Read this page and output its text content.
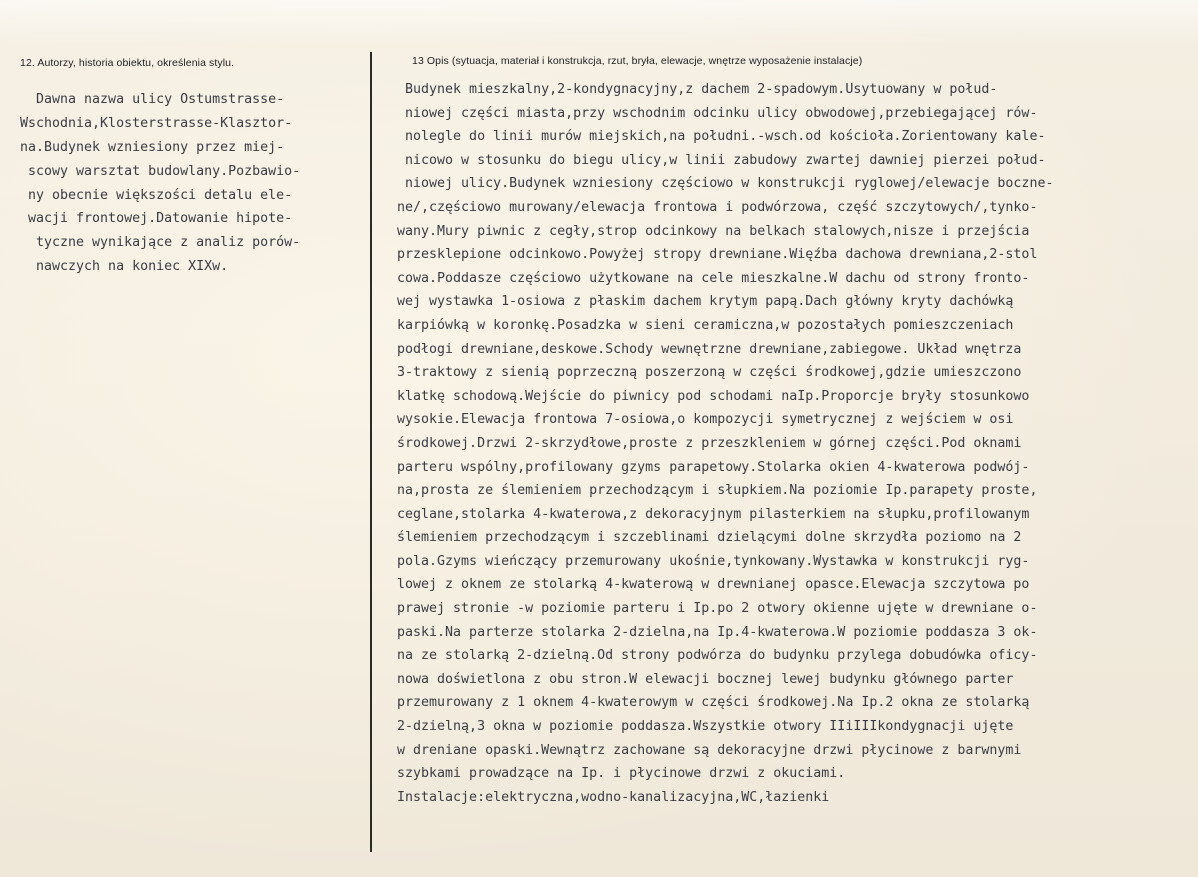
12. Autorzy, historia obiektu, określenia stylu.	13 Opis (sytuacja, materiał i konstrukcja, rzut, bryła, elewacje, wnętrze wyposażenie instalacje)
Dawna nazwa ulicy Ostumstrasse-
Wschodnia,Klosterstrasse-Klasztor-
na.Budynek wzniesiony przez miej-
scowy warsztat budowlany.Pozbawio-
ny obecnie większości detalu ele-
wacji frontowej.Datowanie hipote-
tyczne wynikające z analiz porów-
nawczych na koniec XIXw.
Budynek mieszkalny,2-kondygnacyjny,z dachem 2-spadowym.Usytuowany w połud-
niowej części miasta,przy wschodnim odcinku ulicy obwodowej,przebiegającej rów-
nolegle do linii murów miejskich,na południ.-wsch.od kościoła.Zorientowany kale-
nicowo w stosunku do biegu ulicy,w linii zabudowy zwartej dawniej pierzei połud-
niowej ulicy.Budynek wzniesiony częściowo w konstrukcji ryglowej/elewacje boczne-
ne/,częściowo murowany/elewacja frontowa i podwórzowa, część szczytowych/,tynko-
wany.Mury piwnic z cegły,strop odcinkowy na belkach stalowych,nisze i przejścia
przesklepione odcinkowo.Powyżej stropy drewniane.Więźba dachowa drewniana,2-stol
cowa.Poddasze częściowo użytkowane na cele mieszkalne.W dachu od strony fronto-
wej wystawka 1-osiowa z płaskim dachem krytym papą.Dach główny kryty dachówką
karpiówką w koronkę.Posadzka w sieni ceramiczna,w pozostałych pomieszczeniach
podłogi drewniane,deskowe.Schody wewnętrzne drewniane,zabiegowe. Układ wnętrza
3-traktowy z sienią poprzeczną poszerzoną w części środkowej,gdzie umieszczono
klatkę schodową.Wejście do piwnicy pod schodami naIp.Proporcje bryły stosunkowo
wysokie.Elewacja frontowa 7-osiowa,o kompozycji symetrycznej z wejściem w osi
środkowej.Drzwi 2-skrzydłowe,proste z przeszkleniem w górnej części.Pod oknami
parteru wspólny,profilowany gzyms parapetowy.Stolarka okien 4-kwaterowa podwój-
na,prosta ze ślemieniem przechodzącym i słupkiem.Na poziomie Ip.parapety proste,
ceglane,stolarka 4-kwaterowa,z dekoracyjnym pilasterkiem na słupku,profilowanym
ślemieniem przechodzącym i szczeblinami dzielącymi dolne skrzydła poziomo na 2
pola.Gzyms wieńczący przemurowany ukośnie,tynkowany.Wystawka w konstrukcji ryg-
lowej z oknem ze stolarką 4-kwaterową w drewnianej opasce.Elewacja szczytowa po
prawej stronie -w poziomie parteru i Ip.po 2 otwory okienne ujęte w drewniane o-
paski.Na parterze stolarka 2-dzielna,na Ip.4-kwaterowa.W poziomie poddasza 3 ok-
na ze stolarką 2-dzielną.Od strony podwórza do budynku przylega dobudówka oficy-
nowa doświetlona z obu stron.W elewacji bocznej lewej budynku głównego parter
przemurowany z 1 oknem 4-kwaterowym w części środkowej.Na Ip.2 okna ze stolarką
2-dzielną,3 okna w poziomie poddasza.Wszystkie otwory IIiIIIkondygnacji ujęte
w dreniane opaski.Wewnątrz zachowane są dekoracyjne drzwi płycinowe z barwnymi
szybkami prowadzące na Ip. i płycinowe drzwi z okuciami.
Instalacje:elektryczna,wodno-kanalizacyjna,WC,łazienki
